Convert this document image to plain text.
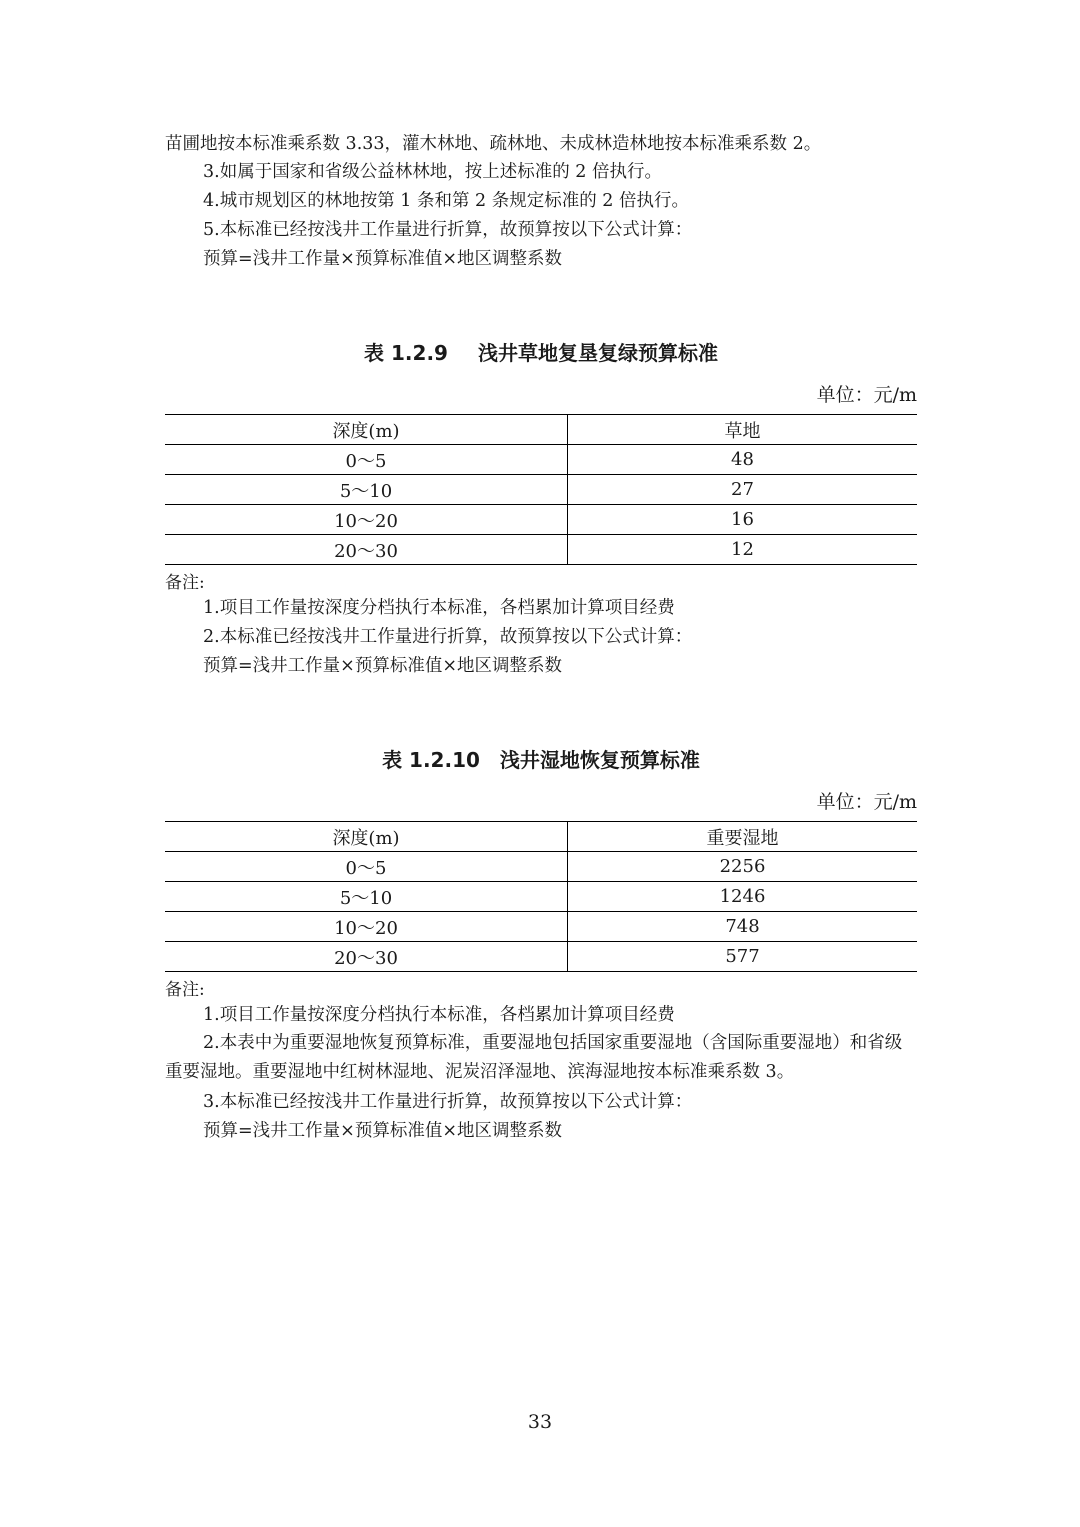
苗圃地按本标准乘系数 3.33，灌木林地、疏林地、未成林造林地按本标准乘系数 2。

3.如属于国家和省级公益林林地，按上述标准的 2 倍执行。

4.城市规划区的林地按第 1 条和第 2 条规定标准的 2 倍执行。

5.本标准已经按浅井工作量进行折算，故预算按以下公式计算：

预算=浅井工作量×预算标准值×地区调整系数

表 1.2.9 浅井草地复垦复绿预算标准

单位：元/m

深度(m)	草地
0～5	48
5～10	27
10～20	16
20～30	12

备注:

1.项目工作量按深度分档执行本标准，各档累加计算项目经费

2.本标准已经按浅井工作量进行折算，故预算按以下公式计算：

预算=浅井工作量×预算标准值×地区调整系数

表 1.2.10 浅井湿地恢复预算标准

单位：元/m

深度(m)	重要湿地
0～5	2256
5～10	1246
10～20	748
20～30	577

备注:

1.项目工作量按深度分档执行本标准，各档累加计算项目经费

2.本表中为重要湿地恢复预算标准，重要湿地包括国家重要湿地（含国际重要湿地）和省级重要湿地。重要湿地中红树林湿地、泥炭沼泽湿地、滨海湿地按本标准乘系数 3。

3.本标准已经按浅井工作量进行折算，故预算按以下公式计算：

预算=浅井工作量×预算标准值×地区调整系数

33
